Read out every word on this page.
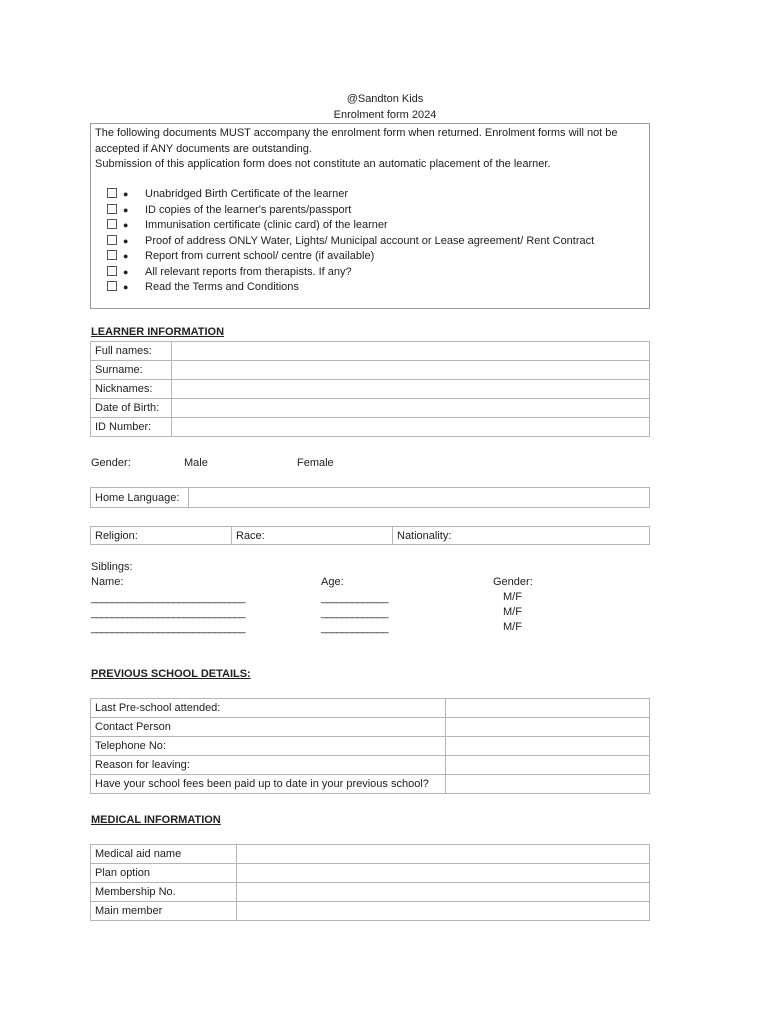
@Sandton Kids
Enrolment form 2024

The following documents MUST accompany the enrolment form when returned. Enrolment forms will not be accepted if ANY documents are outstanding.

Submission of this application form does not constitute an automatic placement of the learner.

● Unabridged Birth Certificate of the learner
● ID copies of the learner's parents/passport
● Immunisation certificate (clinic card) of the learner
● Proof of address ONLY Water, Lights/ Municipal account or Lease agreement/ Rent Contract
● Report from current school/ centre (if available)
● All relevant reports from therapists. If any?
● Read the Terms and Conditions
LEARNER INFORMATION
Full names:	
Surname:	
Nicknames:	
Date of Birth:	
ID Number:	
Gender:	Male	Female
Home Language:	
Religion:	Race:	Nationality:
Siblings:
Name:	Age:	Gender:
______________________________	_____________	M/F
______________________________	_____________	M/F
______________________________	_____________	M/F
PREVIOUS SCHOOL DETAILS:
Last Pre-school attended:	
Contact Person	
Telephone No:	
Reason for leaving:	
Have your school fees been paid up to date in your previous school?	
MEDICAL INFORMATION
Medical aid name	
Plan option	
Membership No.	
Main member	
